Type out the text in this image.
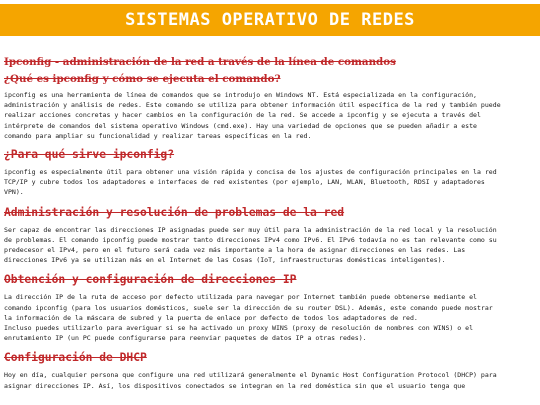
SISTEMAS OPERATIVO DE REDES
Ipconfig - administración de la red a través de la línea de comandos
¿Qué es ipconfig y cómo se ejecuta el comando?

ipconfig es una herramienta de línea de comandos que se introdujo en Windows NT. Está especializada en la configuración,
administración y análisis de redes. Este comando se utiliza para obtener información útil específica de la red y también puede
realizar acciones concretas y hacer cambios en la configuración de la red. Se accede a ipconfig y se ejecuta a través del
intérprete de comandos del sistema operativo Windows (cmd.exe). Hay una variedad de opciones que se pueden añadir a este
comando para ampliar su funcionalidad y realizar tareas específicas en la red.

¿Para qué sirve ipconfig?

ipconfig es especialmente útil para obtener una visión rápida y concisa de los ajustes de configuración principales en la red
TCP/IP y cubre todos los adaptadores e interfaces de red existentes (por ejemplo, LAN, WLAN, Bluetooth, RDSI y adaptadores
VPN).

Administración y resolución de problemas de la red

Ser capaz de encontrar las direcciones IP asignadas puede ser muy útil para la administración de la red local y la resolución
de problemas. El comando ipconfig puede mostrar tanto direcciones IPv4 como IPv6. El IPv6 todavía no es tan relevante como su
predecesor el IPv4, pero en el futuro será cada vez más importante a la hora de asignar direcciones en las redes. Las
direcciones IPv6 ya se utilizan más en el Internet de las Cosas (IoT, infraestructuras domésticas inteligentes).

Obtención y configuración de direcciones IP

La dirección IP de la ruta de acceso por defecto utilizada para navegar por Internet también puede obtenerse mediante el
comando ipconfig (para los usuarios domésticos, suele ser la dirección de su router DSL). Además, este comando puede mostrar
la información de la máscara de subred y la puerta de enlace por defecto de todos los adaptadores de red.
Incluso puedes utilizarlo para averiguar si se ha activado un proxy WINS (proxy de resolución de nombres con WINS) o el
enrutamiento IP (un PC puede configurarse para reenviar paquetes de datos IP a otras redes).

Configuración de DHCP

Hoy en día, cualquier persona que configure una red utilizará generalmente el Dynamic Host Configuration Protocol (DHCP) para
asignar direcciones IP. Así, los dispositivos conectados se integran en la red doméstica sin que el usuario tenga que
